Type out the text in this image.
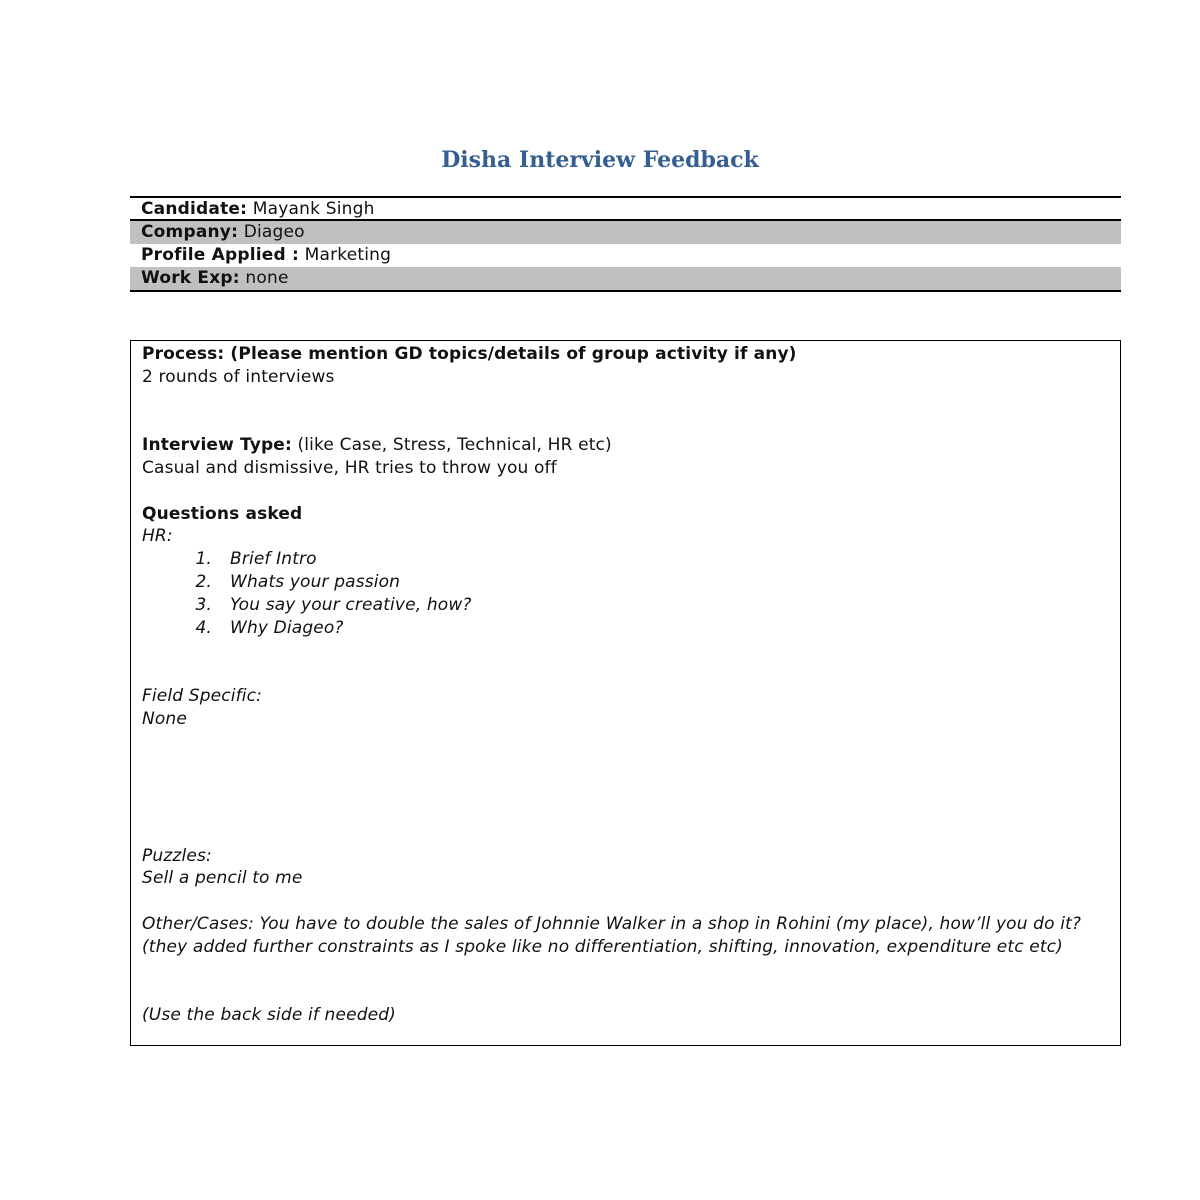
Disha Interview Feedback
Candidate: Mayank Singh
Company: Diageo
Profile Applied : Marketing
Work Exp: none
Process: (Please mention GD topics/details of group activity if any)
2 rounds of interviews
Interview Type: (like Case, Stress, Technical, HR etc)
Casual and dismissive, HR tries to throw you off
Questions asked
HR:
1.	Brief Intro
2.	Whats your passion
3.	You say your creative, how?
4.	Why Diageo?
Field Specific:
None
Puzzles:
Sell a pencil to me
Other/Cases: You have to double the sales of Johnnie Walker in a shop in Rohini (my place), how’ll you do it?
(they added further constraints as I spoke like no differentiation, shifting, innovation, expenditure etc etc)
(Use the back side if needed)
